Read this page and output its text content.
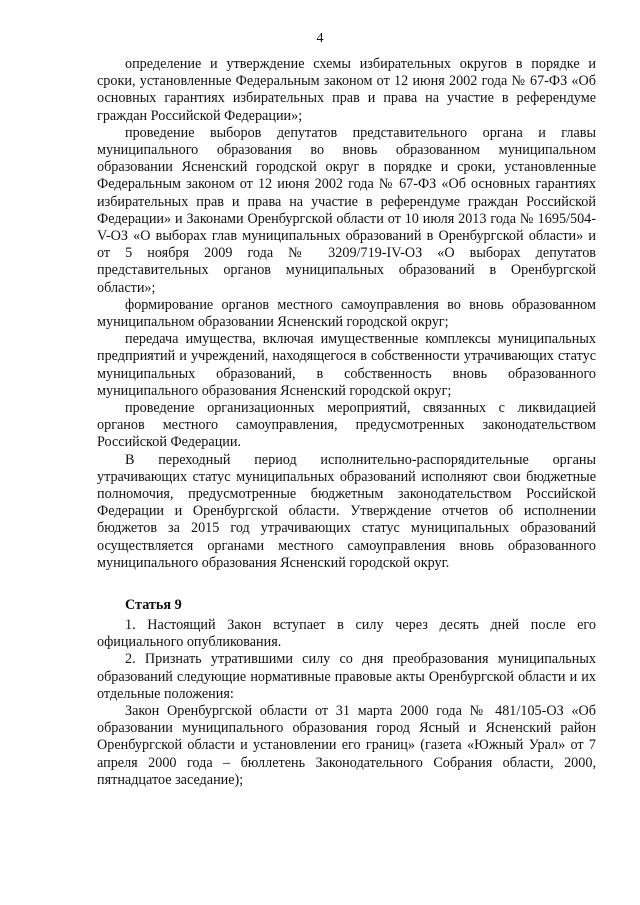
4

определение и утверждение схемы избирательных округов в порядке и сроки, установленные Федеральным законом от 12 июня 2002 года № 67-ФЗ «Об основных гарантиях избирательных прав и права на участие в референдуме граждан Российской Федерации»;

проведение выборов депутатов представительного органа и главы муниципального образования во вновь образованном муниципальном образовании Ясненский городской округ в порядке и сроки, установленные Федеральным законом от 12 июня 2002 года № 67-ФЗ «Об основных гарантиях избирательных прав и права на участие в референдуме граждан Российской Федерации» и Законами Оренбургской области от 10 июля 2013 года № 1695/504-V-ОЗ «О выборах глав муниципальных образований в Оренбургской области» и от 5 ноября 2009 года № 3209/719-IV-ОЗ «О выборах депутатов представительных органов муниципальных образований в Оренбургской области»;

формирование органов местного самоуправления во вновь образованном муниципальном образовании Ясненский городской округ;

передача имущества, включая имущественные комплексы муниципальных предприятий и учреждений, находящегося в собственности утрачивающих статус муниципальных образований, в собственность вновь образованного муниципального образования Ясненский городской округ;

проведение организационных мероприятий, связанных с ликвидацией органов местного самоуправления, предусмотренных законодательством Российской Федерации.

В переходный период исполнительно-распорядительные органы утрачивающих статус муниципальных образований исполняют свои бюджетные полномочия, предусмотренные бюджетным законодательством Российской Федерации и Оренбургской области. Утверждение отчетов об исполнении бюджетов за 2015 год утрачивающих статус муниципальных образований осуществляется органами местного самоуправления вновь образованного муниципального образования Ясненский городской округ.

Статья 9

1. Настоящий Закон вступает в силу через десять дней после его официального опубликования.

2. Признать утратившими силу со дня преобразования муниципальных образований следующие нормативные правовые акты Оренбургской области и их отдельные положения:

Закон Оренбургской области от 31 марта 2000 года № 481/105-ОЗ «Об образовании муниципального образования город Ясный и Ясненский район Оренбургской области и установлении его границ» (газета «Южный Урал» от 7 апреля 2000 года – бюллетень Законодательного Собрания области, 2000, пятнадцатое заседание);
